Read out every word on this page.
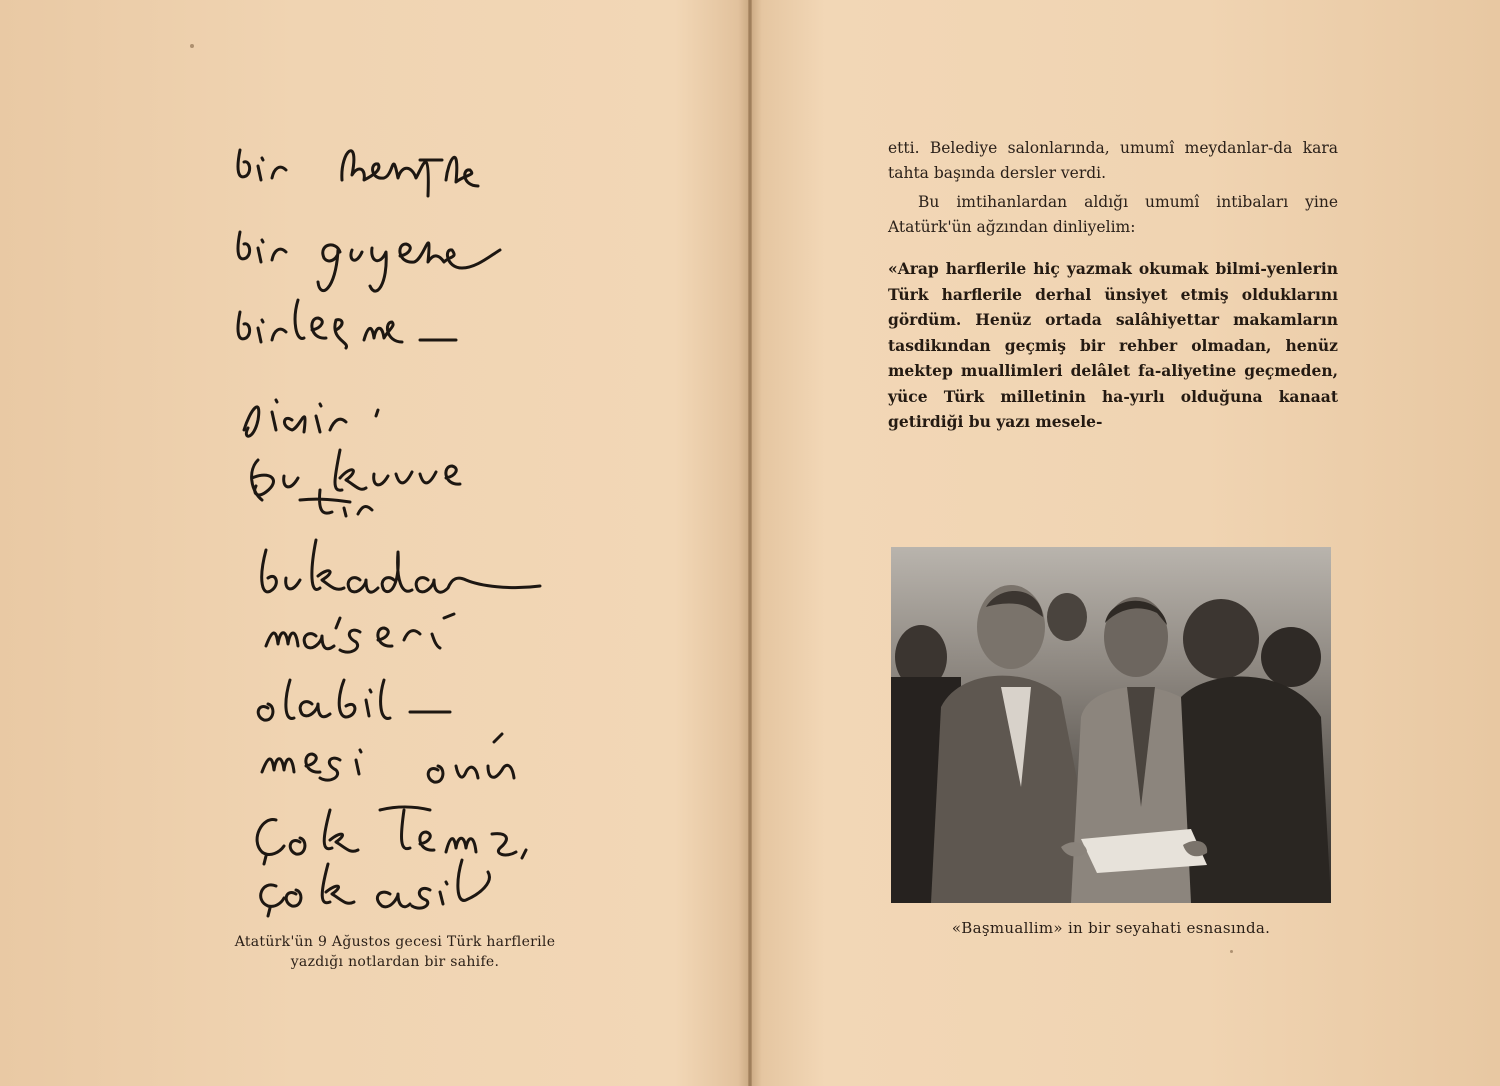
Atatürk'ün 9 Ağustos gecesi Türk harflerile
yazdığı notlardan bir sahife.

etti. Belediye salonlarında, umumî meydanlar-da kara tahta başında dersler verdi.

Bu imtihanlardan aldığı umumî intibaları yine Atatürk'ün ağzından dinliyelim:

«Arap harflerile hiç yazmak okumak bilmi-yenlerin Türk harflerile derhal ünsiyet etmiş olduklarını gördüm. Henüz ortada salâhiyettar makamların tasdikından geçmiş bir rehber olmadan, henüz mektep muallimleri delâlet fa-aliyetine geçmeden, yüce Türk milletinin ha-yırlı olduğuna kanaat getirdiği bu yazı mesele-
«Başmuallim» in bir seyahati esnasında.
